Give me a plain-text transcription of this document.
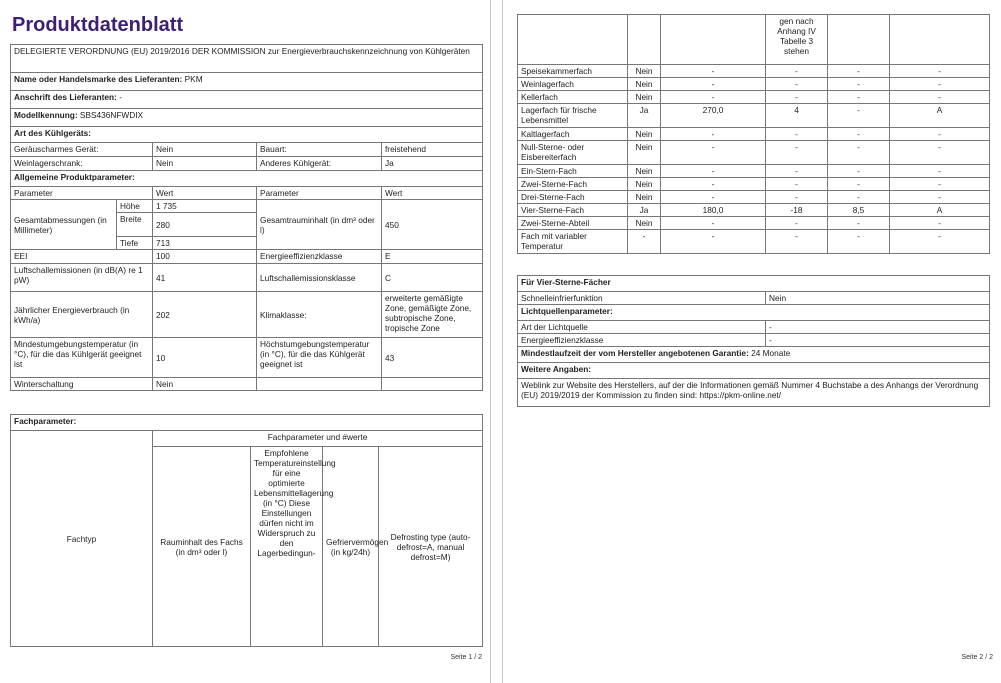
Produktdatenblatt
DELEGIERTE VERORDNUNG (EU) 2019/2016 DER KOMMISSION zur Energieverbrauchskennzeichnung von Kühlgeräten				
Name oder Handelsmarke des Lieferanten: PKM				
Anschrift des Lieferanten: -				
Modellkennung: SBS436NFWDIX				
Art des Kühlgeräts:				
Geräuscharmes Gerät:		Nein	Bauart:	freistehend
Weinlagerschrank:		Nein	Anderes Kühlgerät:	Ja
Allgemeine Produktparameter:				
Parameter		Wert	Parameter	Wert
Gesamtabmessungen (in Millimeter)	Höhe	1 735	Gesamtrauminhalt (in dm³ oder l)	450
	Breite	280		
	Tiefe	713		
EEI		100	Energieeffizienzklasse	E
Luftschallemissionen (in dB(A) re 1 pW)		41	Luftschallemissionsklasse	C
Jährlicher Energieverbrauch (in kWh/a)		202	Klimaklasse:	erweiterte gemäßigte Zone, gemäßigte Zone, subtropische Zone, tropische Zone
Mindestumgebungstemperatur (in °C), für die das Kühlgerät geeignet ist		10	Höchstumgebungstemperatur (in °C), für die das Kühlgerät geeignet ist	43
Winterschaltung		Nein		
Fachparameter:				
Fachtyp	Fachparameter und #werte			
	Rauminhalt des Fachs (in dm³ oder l)	Empfohlene Temperatureinstellung für eine optimierte Lebensmittellagerung (in °C) Diese Einstellungen dürfen nicht im Widerspruch zu den Lagerbedingun-	Gefriervermögen (in kg/24h)	Defrosting type (auto-defrost=A, manual defrost=M)
Seite 1 / 2
			gen nach Anhang IV Tabelle 3 stehen		
Speisekammerfach	Nein	-	-	-	-
Weinlagerfach	Nein	-	-	-	-
Kellerfach	Nein	-	-	-	-
Lagerfach für frische Lebensmittel	Ja	270,0	4	-	A
Kaltlagerfach	Nein	-	-	-	-
Null-Sterne- oder Eisbereiterfach	Nein	-	-	-	-
Ein-Stern-Fach	Nein	-	-	-	-
Zwei-Sterne-Fach	Nein	-	-	-	-
Drei-Sterne-Fach	Nein	-	-	-	-
Vier-Sterne-Fach	Ja	180,0	-18	8,5	A
Zwei-Sterne-Abteil	Nein	-	-	-	-
Fach mit variabler Temperatur	-	-	-	-	-
Für Vier-Sterne-Fächer	
Schnelleinfrierfunktion	Nein
Lichtquellenparameter:	
Art der Lichtquelle	-
Energieeffizienzklasse	-
Mindestlaufzeit der vom Hersteller angebotenen Garantie: 24 Monate	
Weitere Angaben:	
Weblink zur Website des Herstellers, auf der die Informationen gemäß Nummer 4 Buchstabe a des Anhangs der Verordnung (EU) 2019/2019 der Kommission zu finden sind: https://pkm-online.net/	
Seite 2 / 2
